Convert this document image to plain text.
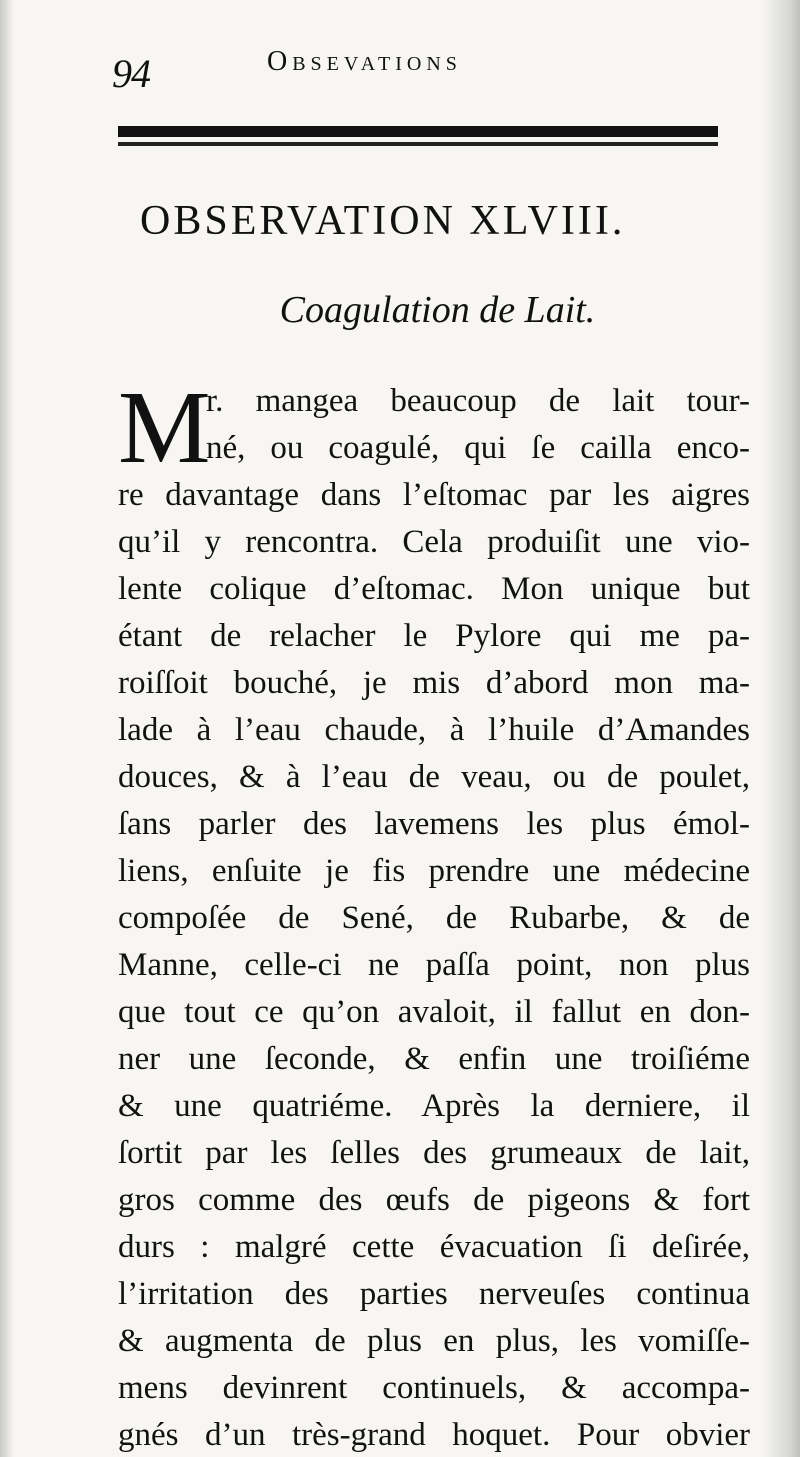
94	Obsevations
OBSERVATION XLVIII.
Coagulation de Lait.
M
r. mangea beaucoup de lait tour-
né, ou coagulé, qui ſe cailla enco-
re davantage dans l’eſtomac par les aigres
qu’il y rencontra. Cela produiſit une vio-
lente colique d’eſtomac. Mon unique but
étant de relacher le Pylore qui me pa-
roiſſoit bouché, je mis d’abord mon ma-
lade à l’eau chaude, à l’huile d’Amandes
douces, & à l’eau de veau, ou de poulet,
ſans parler des lavemens les plus émol-
liens, enſuite je fis prendre une médecine
compoſée de Sené, de Rubarbe, & de
Manne, celle-ci ne paſſa point, non plus
que tout ce qu’on avaloit, il fallut en don-
ner une ſeconde, & enfin une troiſiéme
& une quatriéme. Après la derniere, il
ſortit par les ſelles des grumeaux de lait,
gros comme des œufs de pigeons & fort
durs : malgré cette évacuation ſi deſirée,
l’irritation des parties nerveuſes continua
& augmenta de plus en plus, les vomiſſe-
mens devinrent continuels, & accompa-
gnés d’un très-grand hoquet. Pour obvier
